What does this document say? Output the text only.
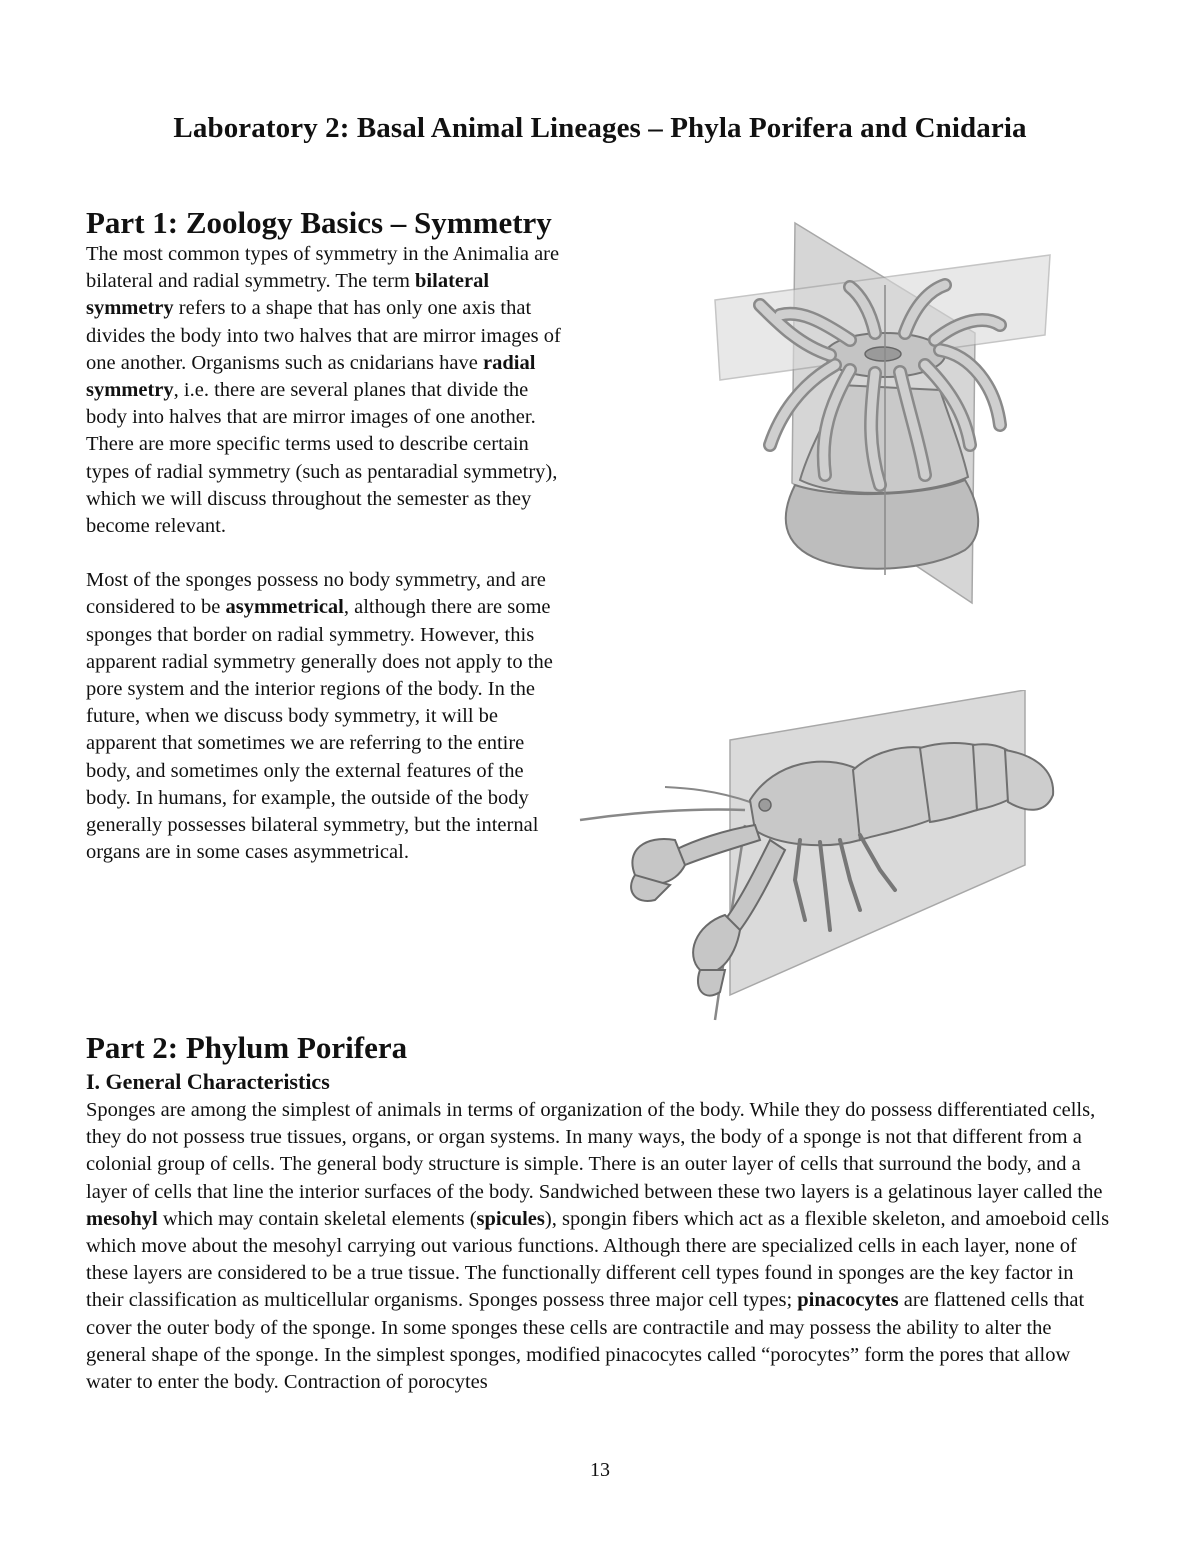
Laboratory 2: Basal Animal Lineages – Phyla Porifera and Cnidaria
Part 1: Zoology Basics – Symmetry

The most common types of symmetry in the Animalia are bilateral and radial symmetry. The term bilateral symmetry refers to a shape that has only one axis that divides the body into two halves that are mirror images of one another. Organisms such as cnidarians have radial symmetry, i.e. there are several planes that divide the body into halves that are mirror images of one another. There are more specific terms used to describe certain types of radial symmetry (such as pentaradial symmetry), which we will discuss throughout the semester as they become relevant.

Most of the sponges possess no body symmetry, and are considered to be asymmetrical, although there are some sponges that border on radial symmetry. However, this apparent radial symmetry generally does not apply to the pore system and the interior regions of the body. In the future, when we discuss body symmetry, it will be apparent that sometimes we are referring to the entire body, and sometimes only the external features of the body. In humans, for example, the outside of the body generally possesses bilateral symmetry, but the internal organs are in some cases asymmetrical.

Part 2: Phylum Porifera
I. General Characteristics

Sponges are among the simplest of animals in terms of organization of the body. While they do possess differentiated cells, they do not possess true tissues, organs, or organ systems. In many ways, the body of a sponge is not that different from a colonial group of cells. The general body structure is simple. There is an outer layer of cells that surround the body, and a layer of cells that line the interior surfaces of the body. Sandwiched between these two layers is a gelatinous layer called the mesohyl which may contain skeletal elements (spicules), spongin fibers which act as a flexible skeleton, and amoeboid cells which move about the mesohyl carrying out various functions. Although there are specialized cells in each layer, none of these layers are considered to be a true tissue. The functionally different cell types found in sponges are the key factor in their classification as multicellular organisms. Sponges possess three major cell types; pinacocytes are flattened cells that cover the outer body of the sponge. In some sponges these cells are contractile and may possess the ability to alter the general shape of the sponge. In the simplest sponges, modified pinacocytes called “porocytes” form the pores that allow water to enter the body. Contraction of porocytes

13
